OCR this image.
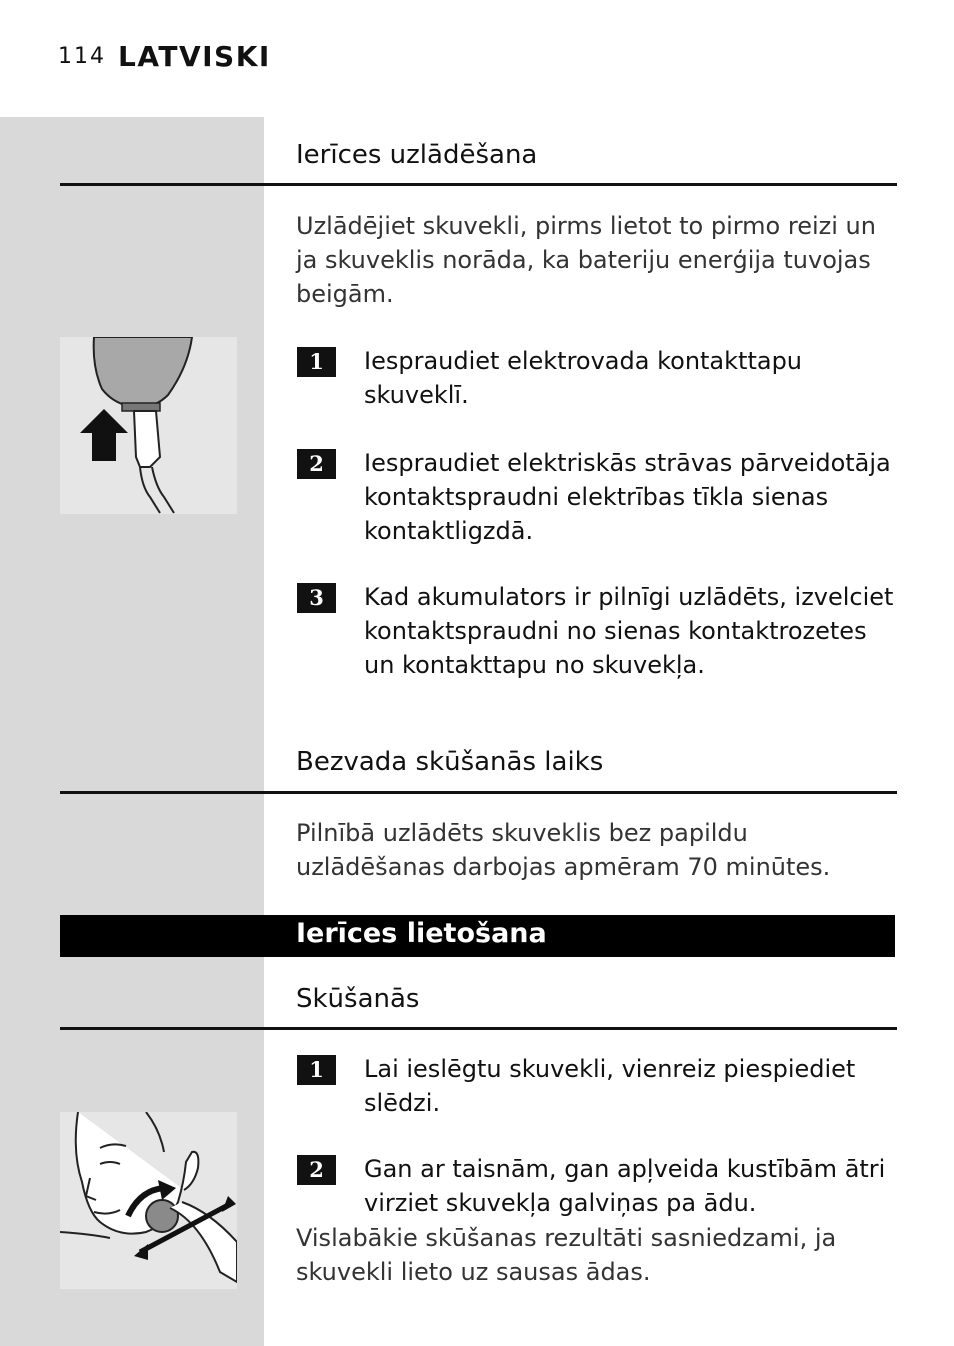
114 LATVISKI
Ierīces uzlādēšana
Uzlādējiet skuvekli, pirms lietot to pirmo reizi un ja skuveklis norāda, ka bateriju enerģija tuvojas beigām.
1	Iespraudiet elektrovada kontakttapu skuveklī.
2	Iespraudiet elektriskās strāvas pārveidotāja kontaktspraudni elektrības tīkla sienas kontaktligzdā.
3	Kad akumulators ir pilnīgi uzlādēts, izvelciet kontaktspraudni no sienas kontaktrozetes un kontakttapu no skuvekļa.
Bezvada skūšanās laiks
Pilnībā uzlādēts skuveklis bez papildu uzlādēšanas darbojas apmēram 70 minūtes.
Ierīces lietošana
Skūšanās
1	Lai ieslēgtu skuvekli, vienreiz piespiediet slēdzi.
2	Gan ar taisnām, gan apļveida kustībām ātri virziet skuvekļa galviņas pa ādu.
Vislabākie skūšanas rezultāti sasniedzami, ja skuvekli lieto uz sausas ādas.
